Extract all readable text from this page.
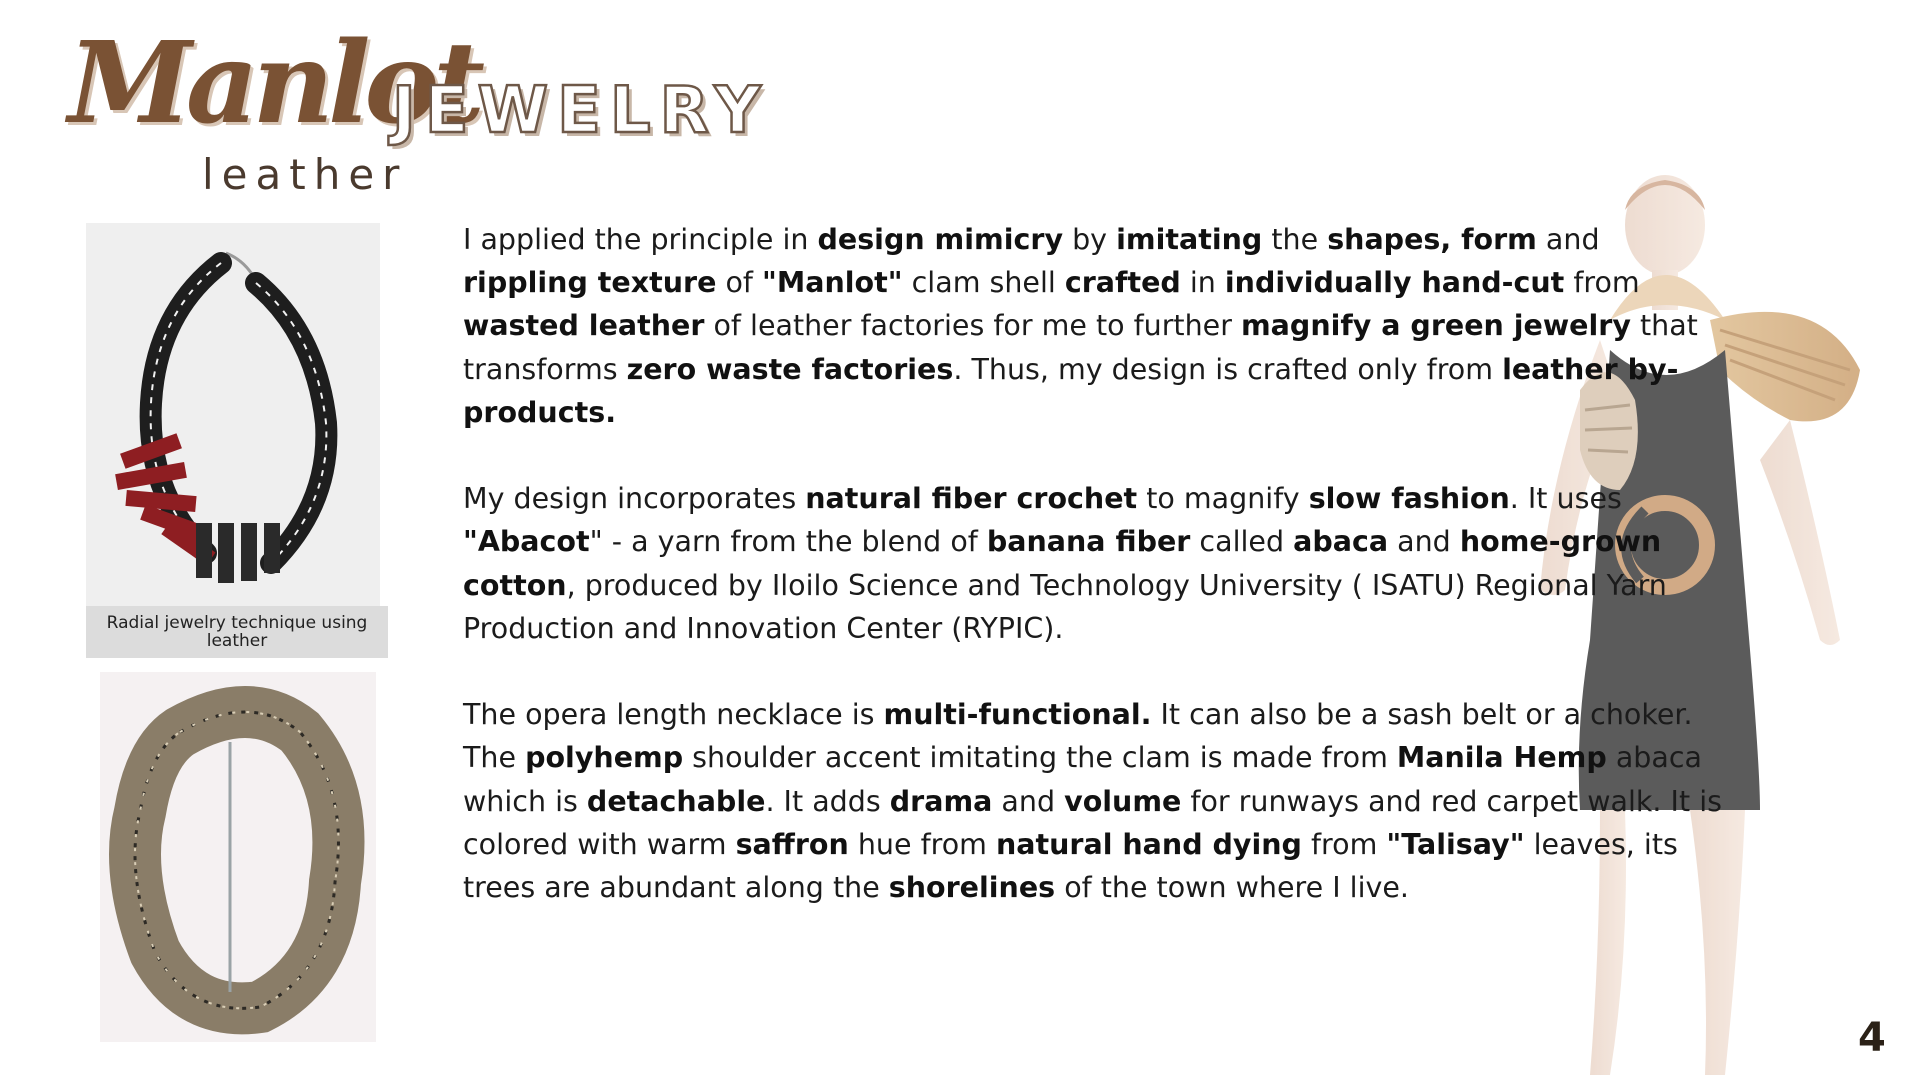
Manlot
leather
JEWELRY
Radial jewelry technique using leather

I applied the principle in design mimicry by imitating the shapes, form and rippling texture of "Manlot" clam shell crafted in individually hand-cut from wasted leather of leather factories for me to further magnify a green jewelry that transforms zero waste factories. Thus, my design is crafted only from leather by-products.

My design incorporates natural fiber crochet to magnify slow fashion. It uses "Abacot" - a yarn from the blend of banana fiber called abaca and home-grown cotton, produced by Iloilo Science and Technology University ( ISATU) Regional Yarn Production and Innovation Center (RYPIC).

The opera length necklace is multi-functional. It can also be a sash belt or a choker. The polyhemp shoulder accent imitating the clam is made from Manila Hemp abaca which is detachable. It adds drama and volume for runways and red carpet walk. It is colored with warm saffron hue from natural hand dying from "Talisay" leaves, its trees are abundant along the shorelines of the town where I live.

4
